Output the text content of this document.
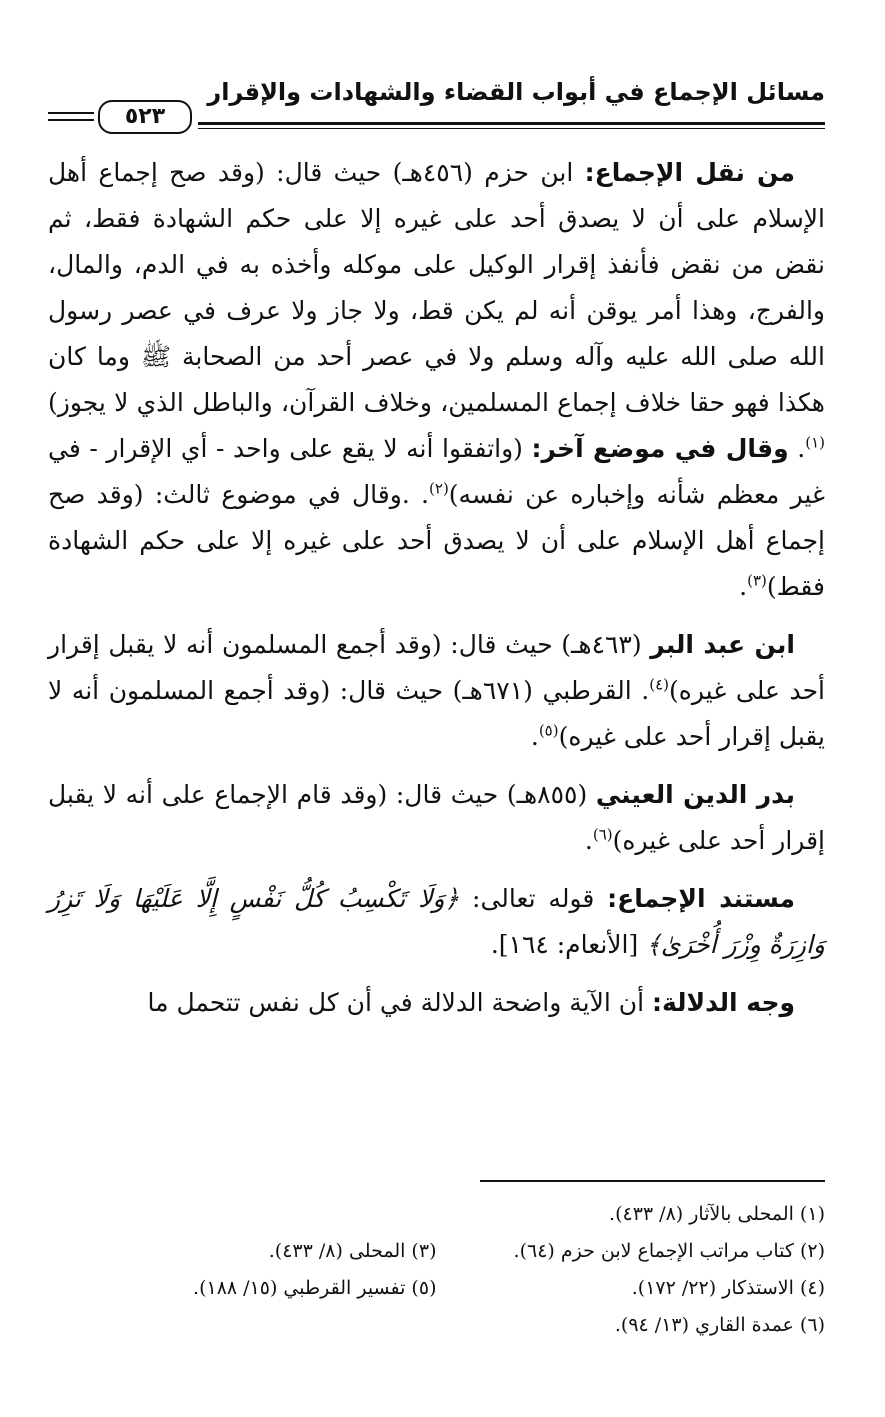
مسائل الإجماع في أبواب القضاء والشهادات والإقرار
٥٢٣

من نقل الإجماع: ابن حزم (٤٥٦هـ) حيث قال: (وقد صح إجماع أهل الإسلام على أن لا يصدق أحد على غيره إلا على حكم الشهادة فقط، ثم نقض من نقض فأنفذ إقرار الوكيل على موكله وأخذه به في الدم، والمال، والفرج، وهذا أمر يوقن أنه لم يكن قط، ولا جاز ولا عرف في عصر رسول الله صلى الله عليه وآله وسلم ولا في عصر أحد من الصحابة ﷺ وما كان هكذا فهو حقا خلاف إجماع المسلمين، وخلاف القرآن، والباطل الذي لا يجوز)$^{(١)}$. وقال في موضع آخر: (واتفقوا أنه لا يقع على واحد - أي الإقرار - في غير معظم شأنه وإخباره عن نفسه)$^{(٢)}$. .وقال في موضوع ثالث: (وقد صح إجماع أهل الإسلام على أن لا يصدق أحد على غيره إلا على حكم الشهادة فقط)$^{(٣)}$.

ابن عبد البر (٤٦٣هـ) حيث قال: (وقد أجمع المسلمون أنه لا يقبل إقرار أحد على غيره)$^{(٤)}$. القرطبي (٦٧١هـ) حيث قال: (وقد أجمع المسلمون أنه لا يقبل إقرار أحد على غيره)$^{(٥)}$.

بدر الدين العيني (٨٥٥هـ) حيث قال: (وقد قام الإجماع على أنه لا يقبل إقرار أحد على غيره)$^{(٦)}$.

مستند الإجماع: قوله تعالى: ﴿وَلَا تَكْسِبُ كُلُّ نَفْسٍ إِلَّا عَلَيْهَا وَلَا تَزِرُ وَازِرَةٌ وِزْرَ أُخْرَىٰ﴾ [الأنعام: ١٦٤].

وجه الدلالة: أن الآية واضحة الدلالة في أن كل نفس تتحمل ما

(١) المحلى بالآثار (٨/ ٤٣٣).
(٢) كتاب مراتب الإجماع لابن حزم (٦٤).
(٣) المحلى (٨/ ٤٣٣).
(٤) الاستذكار (٢٢/ ١٧٢).
(٥) تفسير القرطبي (١٥/ ١٨٨).
(٦) عمدة القاري (١٣/ ٩٤).
